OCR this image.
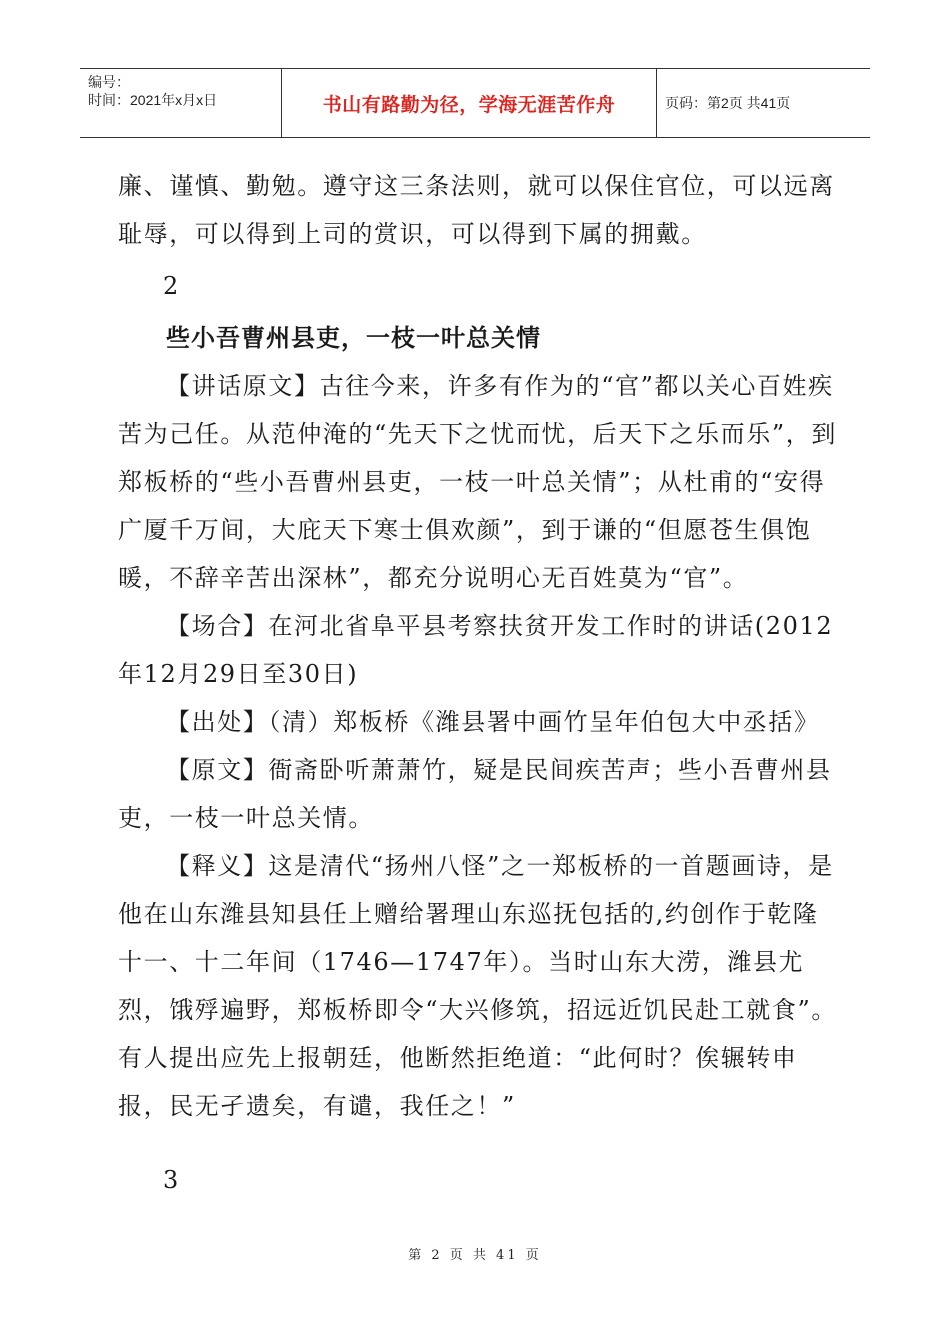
编号：
时间：2021年x月x日	书山有路勤为径，学海无涯苦作舟	页码：第2页 共41页

廉、谨慎、勤勉。遵守这三条法则，就可以保住官位，可以远离耻辱，可以得到上司的赏识，可以得到下属的拥戴。

2
些小吾曹州县吏，一枝一叶总关情

【讲话原文】古往今来，许多有作为的“官”都以关心百姓疾苦为己任。从范仲淹的“先天下之忧而忧，后天下之乐而乐”，到郑板桥的“些小吾曹州县吏，一枝一叶总关情”；从杜甫的“安得广厦千万间，大庇天下寒士俱欢颜”，到于谦的“但愿苍生俱饱暖，不辞辛苦出深林”，都充分说明心无百姓莫为“官”。

【场合】在河北省阜平县考察扶贫开发工作时的讲话(2012年12月29日至30日)

【出处】（清）郑板桥《潍县署中画竹呈年伯包大中丞括》

【原文】衙斋卧听萧萧竹，疑是民间疾苦声；些小吾曹州县吏，一枝一叶总关情。

【释义】这是清代“扬州八怪”之一郑板桥的一首题画诗，是他在山东潍县知县任上赠给署理山东巡抚包括的,约创作于乾隆十一、十二年间（1746—1747年）。当时山东大涝，潍县尤烈，饿殍遍野，郑板桥即令“大兴修筑，招远近饥民赴工就食”。有人提出应先上报朝廷，他断然拒绝道：“此何时？俟辗转申报，民无孑遗矣，有谴，我任之！”

3
第 2 页 共 41 页
